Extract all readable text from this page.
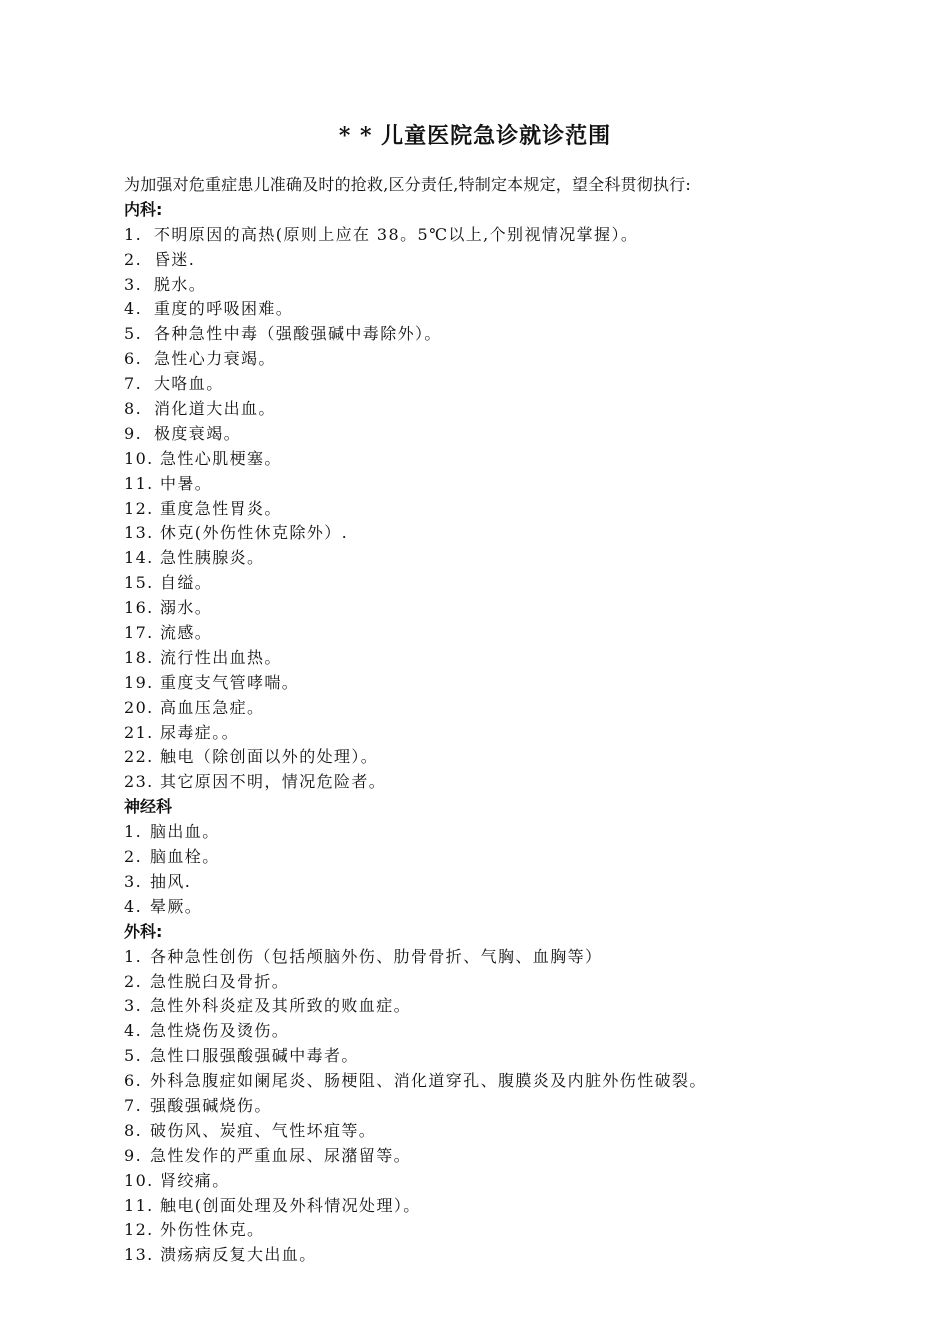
* * 儿童医院急诊就诊范围
为加强对危重症患儿准确及时的抢救,区分责任,特制定本规定，望全科贯彻执行:
内科:
1. 不明原因的高热(原则上应在 38。5℃以上,个别视情况掌握）。
2. 昏迷.
3. 脱水。
4. 重度的呼吸困难。
5. 各种急性中毒（强酸强碱中毒除外）。
6. 急性心力衰竭。
7. 大咯血。
8. 消化道大出血。
9. 极度衰竭。
10. 急性心肌梗塞。
11. 中暑。
12. 重度急性胃炎。
13. 休克(外伤性休克除外）.
14. 急性胰腺炎。
15. 自缢。
16. 溺水。
17. 流感。
18. 流行性出血热。
19. 重度支气管哮喘。
20. 高血压急症。
21. 尿毒症。。
22. 触电（除创面以外的处理）。
23. 其它原因不明，情况危险者。
神经科
1. 脑出血。
2. 脑血栓。
3. 抽风.
4. 晕厥。
外科:
1. 各种急性创伤（包括颅脑外伤、肋骨骨折、气胸、血胸等）
2. 急性脱臼及骨折。
3. 急性外科炎症及其所致的败血症。
4. 急性烧伤及烫伤。
5. 急性口服强酸强碱中毒者。
6. 外科急腹症如阑尾炎、肠梗阻、消化道穿孔、腹膜炎及内脏外伤性破裂。
7. 强酸强碱烧伤。
8. 破伤风、炭疽、气性坏疽等。
9. 急性发作的严重血尿、尿潴留等。
10. 肾绞痛。
11. 触电(创面处理及外科情况处理）。
12. 外伤性休克。
13. 溃疡病反复大出血。
